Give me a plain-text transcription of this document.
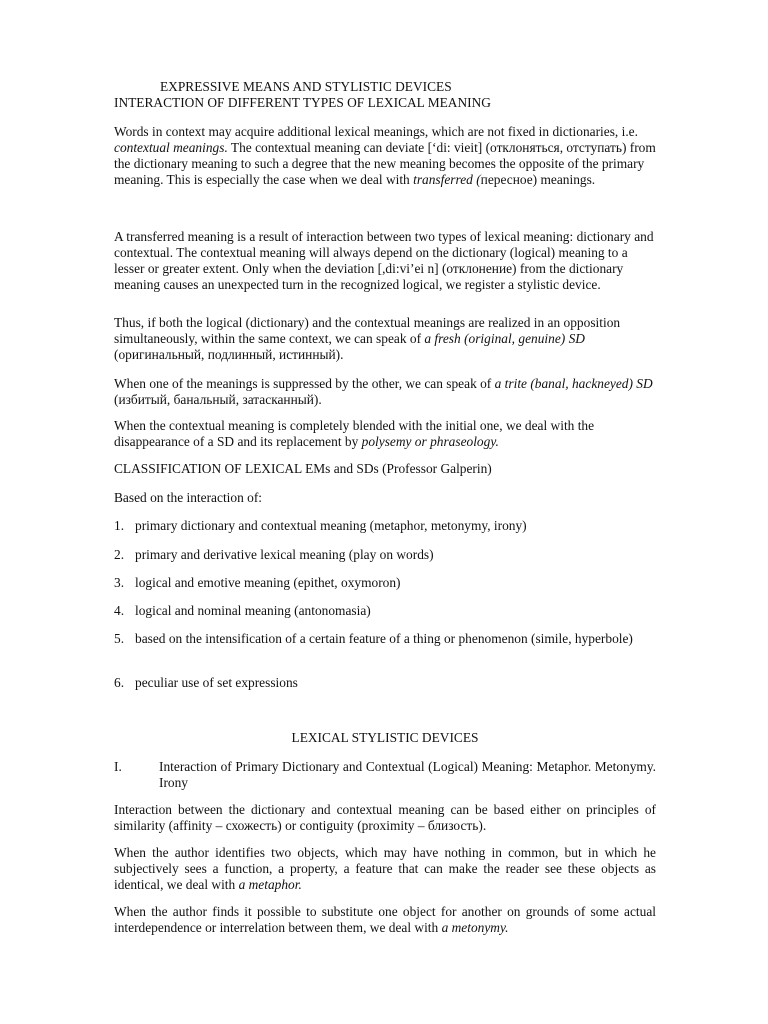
EXPRESSIVE MEANS AND STYLISTIC DEVICES

INTERACTION OF DIFFERENT TYPES OF LEXICAL MEANING

Words in context may acquire additional lexical meanings, which are not fixed in dictionaries, i.e. contextual meanings. The contextual meaning can deviate [‘di: vieit] (отклоняться, отступать) from the dictionary meaning to such a degree that the new meaning becomes the opposite of the primary meaning. This is especially the case when we deal with transferred (пересное) meanings.

A transferred meaning is a result of interaction between two types of lexical meaning: dictionary and contextual. The contextual meaning will always depend on the dictionary (logical) meaning to a lesser or greater extent. Only when the deviation [,di:vi’ei n] (отклонение) from the dictionary meaning causes an unexpected turn in the recognized logical, we register a stylistic device.

Thus, if both the logical (dictionary) and the contextual meanings are realized in an opposition simultaneously, within the same context, we can speak of a fresh (original, genuine) SD (оригинальный, подлинный, истинный).

When one of the meanings is suppressed by the other, we can speak of a trite (banal, hackneyed) SD (избитый, банальный, затасканный).

When the contextual meaning is completely blended with the initial one, we deal with the disappearance of a SD and its replacement by polysemy or phraseology.

CLASSIFICATION OF LEXICAL EMs and SDs (Professor Galperin)

Based on the interaction of:

1. primary dictionary and contextual meaning (metaphor, metonymy, irony)
2. primary and derivative lexical meaning (play on words)
3. logical and emotive meaning (epithet, oxymoron)
4. logical and nominal meaning (antonomasia)
5. based on the intensification of a certain feature of a thing or phenomenon (simile, hyperbole)
6. peculiar use of set expressions

LEXICAL STYLISTIC DEVICES

I.	Interaction of Primary Dictionary and Contextual (Logical) Meaning: Metaphor. Metonymy. Irony

Interaction between the dictionary and contextual meaning can be based either on principles of similarity (affinity – схожесть) or contiguity (proximity – близость).

When the author identifies two objects, which may have nothing in common, but in which he subjectively sees a function, a property, a feature that can make the reader see these objects as identical, we deal with a metaphor.

When the author finds it possible to substitute one object for another on grounds of some actual interdependence or interrelation between them, we deal with a metonymy.
